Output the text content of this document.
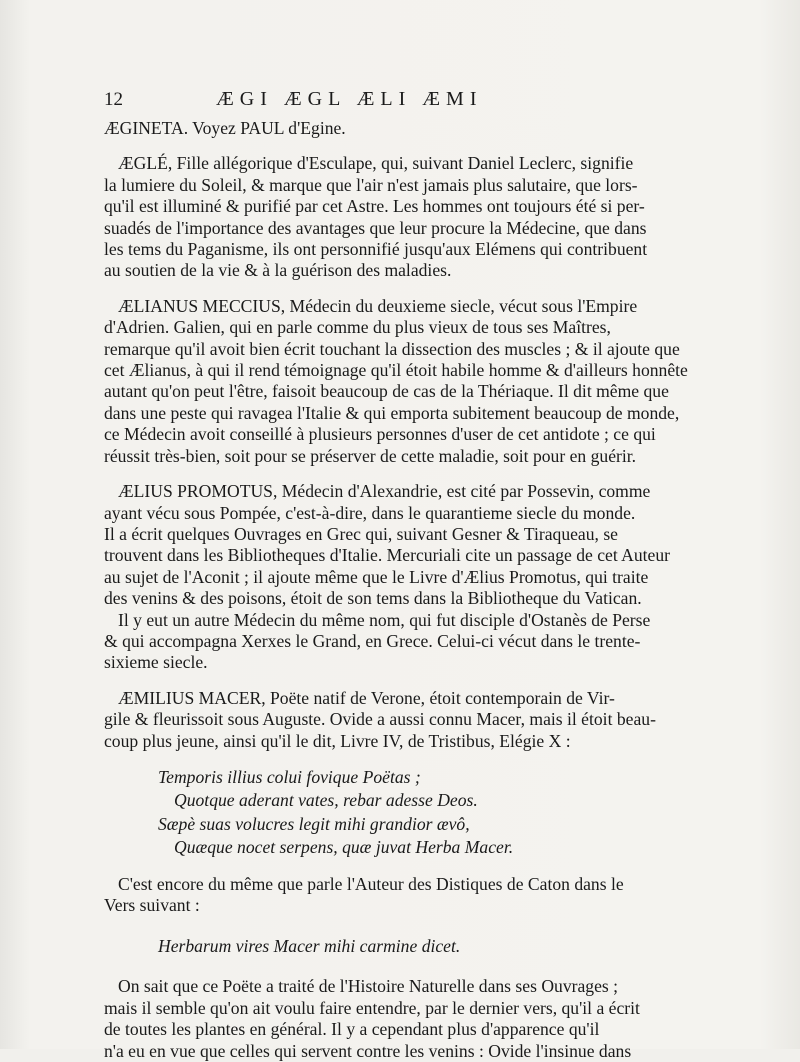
12	ÆGI ÆGL ÆLI ÆMI

ÆGINETA. Voyez PAUL d'Egine.

ÆGLÉ, Fille allégorique d'Esculape, qui, suivant Daniel Leclerc, signifie
la lumiere du Soleil, & marque que l'air n'est jamais plus salutaire, que lors-
qu'il est illuminé & purifié par cet Astre. Les hommes ont toujours été si per-
suadés de l'importance des avantages que leur procure la Médecine, que dans
les tems du Paganisme, ils ont personnifié jusqu'aux Elémens qui contribuent
au soutien de la vie & à la guérison des maladies.

ÆLIANUS MECCIUS, Médecin du deuxieme siecle, vécut sous l'Empire
d'Adrien. Galien, qui en parle comme du plus vieux de tous ses Maîtres,
remarque qu'il avoit bien écrit touchant la dissection des muscles ; & il ajoute que
cet Ælianus, à qui il rend témoignage qu'il étoit habile homme & d'ailleurs honnête
autant qu'on peut l'être, faisoit beaucoup de cas de la Thériaque. Il dit même que
dans une peste qui ravagea l'Italie & qui emporta subitement beaucoup de monde,
ce Médecin avoit conseillé à plusieurs personnes d'user de cet antidote ; ce qui
réussit très-bien, soit pour se préserver de cette maladie, soit pour en guérir.

ÆLIUS PROMOTUS, Médecin d'Alexandrie, est cité par Possevin, comme
ayant vécu sous Pompée, c'est-à-dire, dans le quarantieme siecle du monde.
Il a écrit quelques Ouvrages en Grec qui, suivant Gesner & Tiraqueau, se
trouvent dans les Bibliotheques d'Italie. Mercuriali cite un passage de cet Auteur
au sujet de l'Aconit ; il ajoute même que le Livre d'Ælius Promotus, qui traite
des venins & des poisons, étoit de son tems dans la Bibliotheque du Vatican.
Il y eut un autre Médecin du même nom, qui fut disciple d'Ostanès de Perse
& qui accompagna Xerxes le Grand, en Grece. Celui-ci vécut dans le trente-
sixieme siecle.

ÆMILIUS MACER, Poëte natif de Verone, étoit contemporain de Vir-
gile & fleurissoit sous Auguste. Ovide a aussi connu Macer, mais il étoit beau-
coup plus jeune, ainsi qu'il le dit, Livre IV, de Tristibus, Elégie X :

Temporis illius colui fovique Poëtas ;
Quotque aderant vates, rebar adesse Deos.
Sæpè suas volucres legit mihi grandior ævô,
Quæque nocet serpens, quæ juvat Herba Macer.

C'est encore du même que parle l'Auteur des Distiques de Caton dans le
Vers suivant :

Herbarum vires Macer mihi carmine dicet.

On sait que ce Poëte a traité de l'Histoire Naturelle dans ses Ouvrages ;
mais il semble qu'on ait voulu faire entendre, par le dernier vers, qu'il a écrit
de toutes les plantes en général. Il y a cependant plus d'apparence qu'il
n'a eu en vue que celles qui servent contre les venins : Ovide l'insinue dans
